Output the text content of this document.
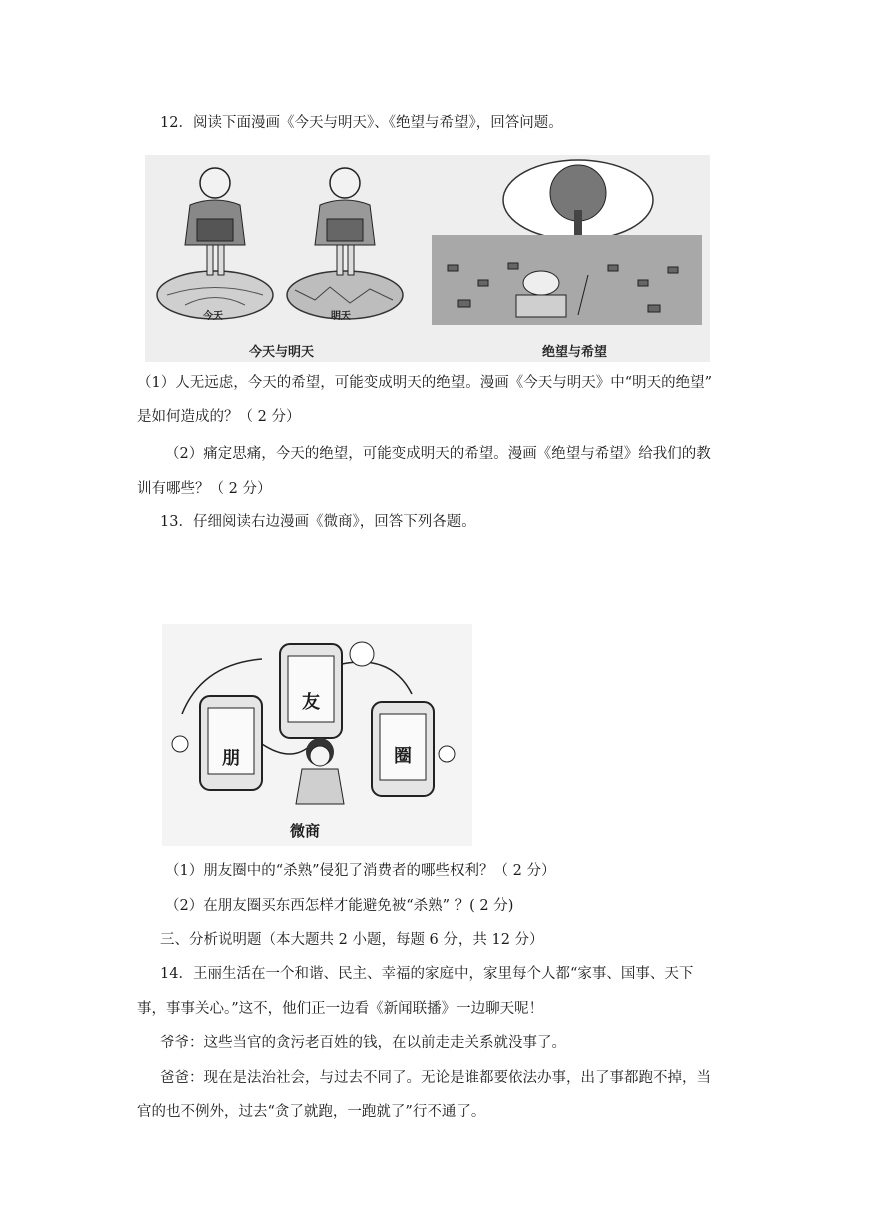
12．阅读下面漫画《今天与明天》、《绝望与希望》，回答问题。
今天	明天
今天与明天	绝望与希望
（1）人无远虑，今天的希望，可能变成明天的绝望。漫画《今天与明天》中“明天的绝望”
是如何造成的？（ 2 分）
（2）痛定思痛，今天的绝望，可能变成明天的希望。漫画《绝望与希望》给我们的教
训有哪些？（ 2 分）
13．仔细阅读右边漫画《微商》，回答下列各题。
朋
友
圈
微商
（1）朋友圈中的“杀熟”侵犯了消费者的哪些权利？（ 2 分）
（2）在朋友圈买东西怎样才能避免被“杀熟” ？( 2 分)
三、分析说明题（本大题共 2 小题，每题 6 分，共 12 分）
14．王丽生活在一个和谐、民主、幸福的家庭中，家里每个人都“家事、国事、天下
事，事事关心。”这不，他们正一边看《新闻联播》一边聊天呢！
爷爷：这些当官的贪污老百姓的钱，在以前走走关系就没事了。
爸爸：现在是法治社会，与过去不同了。无论是谁都要依法办事，出了事都跑不掉，当
官的也不例外，过去“贪了就跑，一跑就了”行不通了。
